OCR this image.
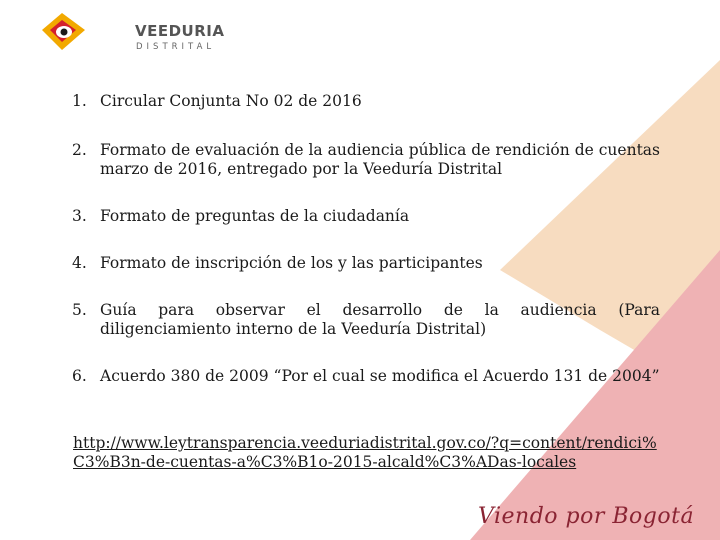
VEEDURIA
DISTRITAL
1. Circular Conjunta No 02 de 2016
2. Formato de evaluación de la audiencia pública de rendición de cuentas marzo de 2016, entregado por la Veeduría Distrital
3. Formato de preguntas de la ciudadanía
4. Formato de inscripción de los y las participantes
5. Guía para observar el desarrollo de la audiencia (Para diligenciamiento interno de la Veeduría Distrital)
6. Acuerdo 380 de 2009 “Por el cual se modifica el Acuerdo 131 de 2004”
http://www.leytransparencia.veeduriadistrital.gov.co/?q=content/rendici%C3%B3n-de-cuentas-a%C3%B1o-2015-alcald%C3%ADas-locales
Viendo por Bogotá
